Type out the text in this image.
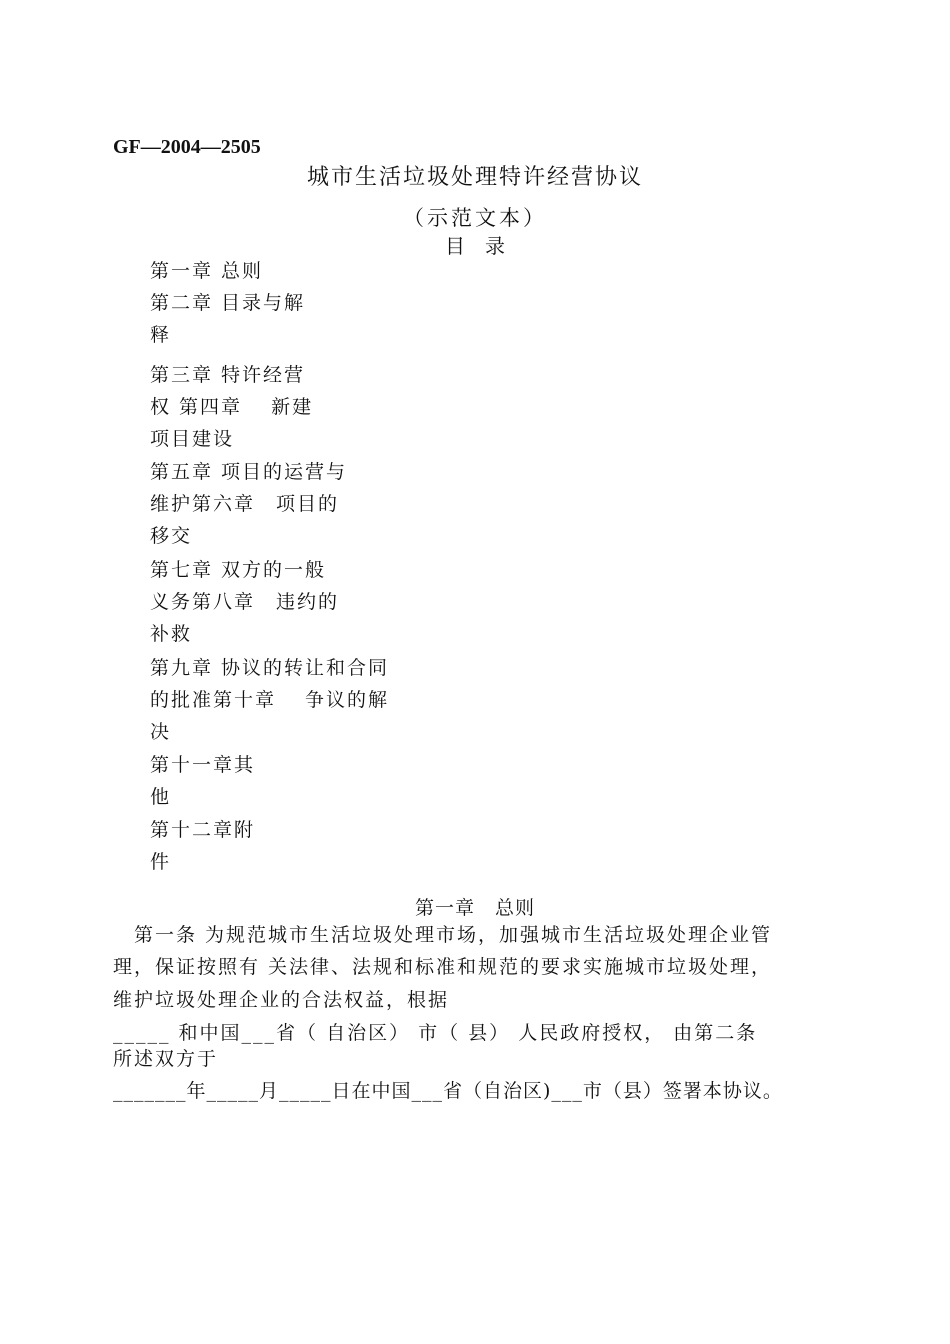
GF—2004—2505
城市生活垃圾处理特许经营协议
（示范文本）
目　录
第一章 总则
第二章 目录与解
释
第三章 特许经营
权 第四章　 新建
项目建设
第五章 项目的运营与
维护第六章　项目的
移交
第七章 双方的一般
义务第八章　违约的
补救
第九章 协议的转让和合同
的批准第十章　 争议的解
决
第十一章其
他
第十二章附
件
第一章　总则
　第一条 为规范城市生活垃圾处理市场，加强城市生活垃圾处理企业管
理，保证按照有 关法律、法规和标准和规范的要求实施城市垃圾处理，
维护垃圾处理企业的合法权益，根据
_____ 和中国___省（ 自治区） 市（ 县） 人民政府授权， 由第二条
所述双方于
_______年_____月_____日在中国___省（自治区)___市（县）签署本协议。
